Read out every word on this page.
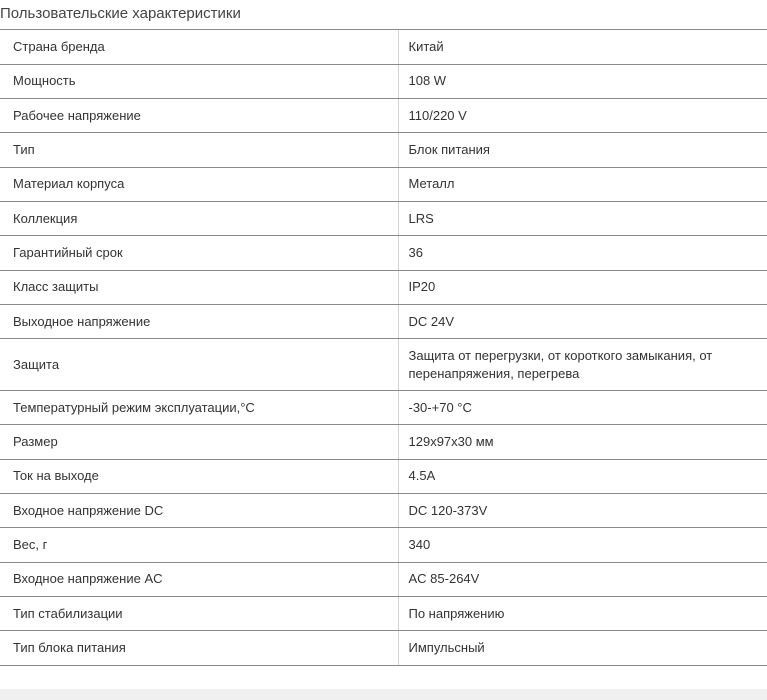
Пользовательские характеристики
Страна бренда	Китай
Мощность	108 W
Рабочее напряжение	110/220 V
Тип	Блок питания
Материал корпуса	Металл
Коллекция	LRS
Гарантийный срок	36
Класс защиты	IP20
Выходное напряжение	DC 24V
Защита	Защита от перегрузки, от короткого замыкания, от перенапряжения, перегрева
Температурный режим эксплуатации,°C	-30-+70 °C
Размер	129x97x30 мм
Ток на выходе	4.5A
Входное напряжение DC	DC 120-373V
Вес, г	340
Входное напряжение AC	AC 85-264V
Тип стабилизации	По напряжению
Тип блока питания	Импульсный
